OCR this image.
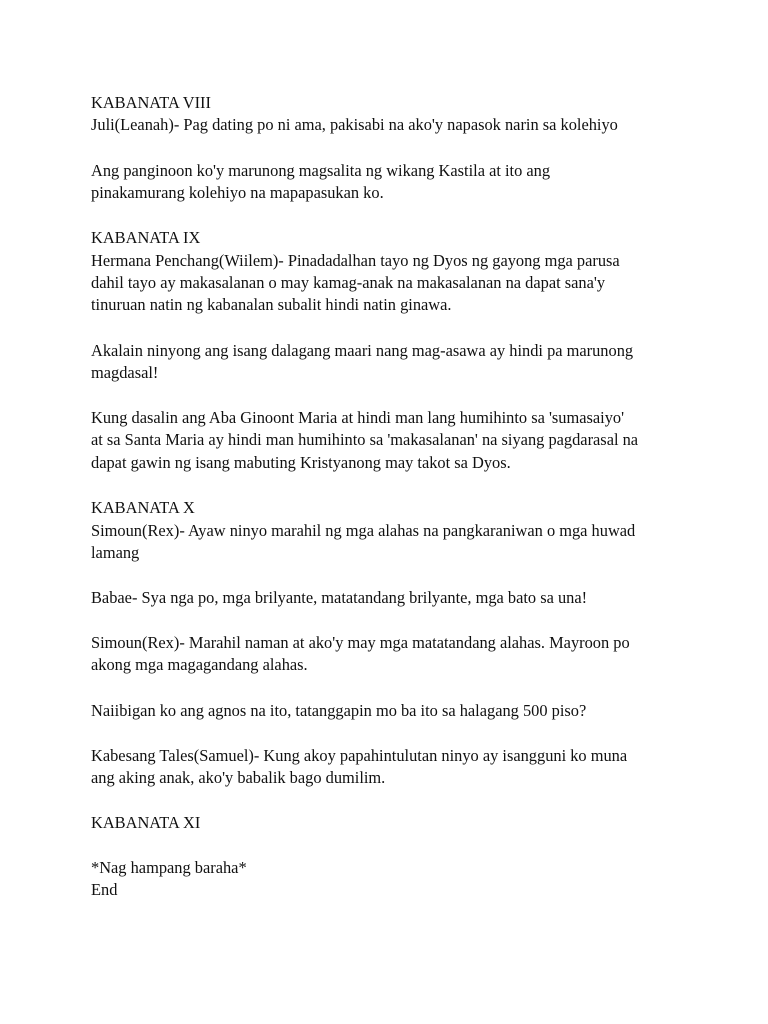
KABANATA VIII

Juli(Leanah)- Pag dating po ni ama, pakisabi na ako'y napasok narin sa kolehiyo

Ang panginoon ko'y marunong magsalita ng wikang Kastila at ito ang
pinakamurang kolehiyo na mapapasukan ko.

KABANATA IX

Hermana Penchang(Wiilem)- Pinadadalhan tayo ng Dyos ng gayong mga parusa
dahil tayo ay makasalanan o may kamag-anak na makasalanan na dapat sana'y
tinuruan natin ng kabanalan subalit hindi natin ginawa.

Akalain ninyong ang isang dalagang maari nang mag-asawa ay hindi pa marunong
magdasal!

Kung dasalin ang Aba Ginoont Maria at hindi man lang humihinto sa 'sumasaiyo'
at sa Santa Maria ay hindi man humihinto sa 'makasalanan' na siyang pagdarasal na
dapat gawin ng isang mabuting Kristyanong may takot sa Dyos.

KABANATA X

Simoun(Rex)- Ayaw ninyo marahil ng mga alahas na pangkaraniwan o mga huwad
lamang

Babae- Sya nga po, mga brilyante, matatandang brilyante, mga bato sa una!

Simoun(Rex)- Marahil naman at ako'y may mga matatandang alahas. Mayroon po
akong mga magagandang alahas.

Naiibigan ko ang agnos na ito, tatanggapin mo ba ito sa halagang 500 piso?

Kabesang Tales(Samuel)- Kung akoy papahintulutan ninyo ay isangguni ko muna
ang aking anak, ako'y babalik bago dumilim.

KABANATA XI

*Nag hampang baraha*
End
